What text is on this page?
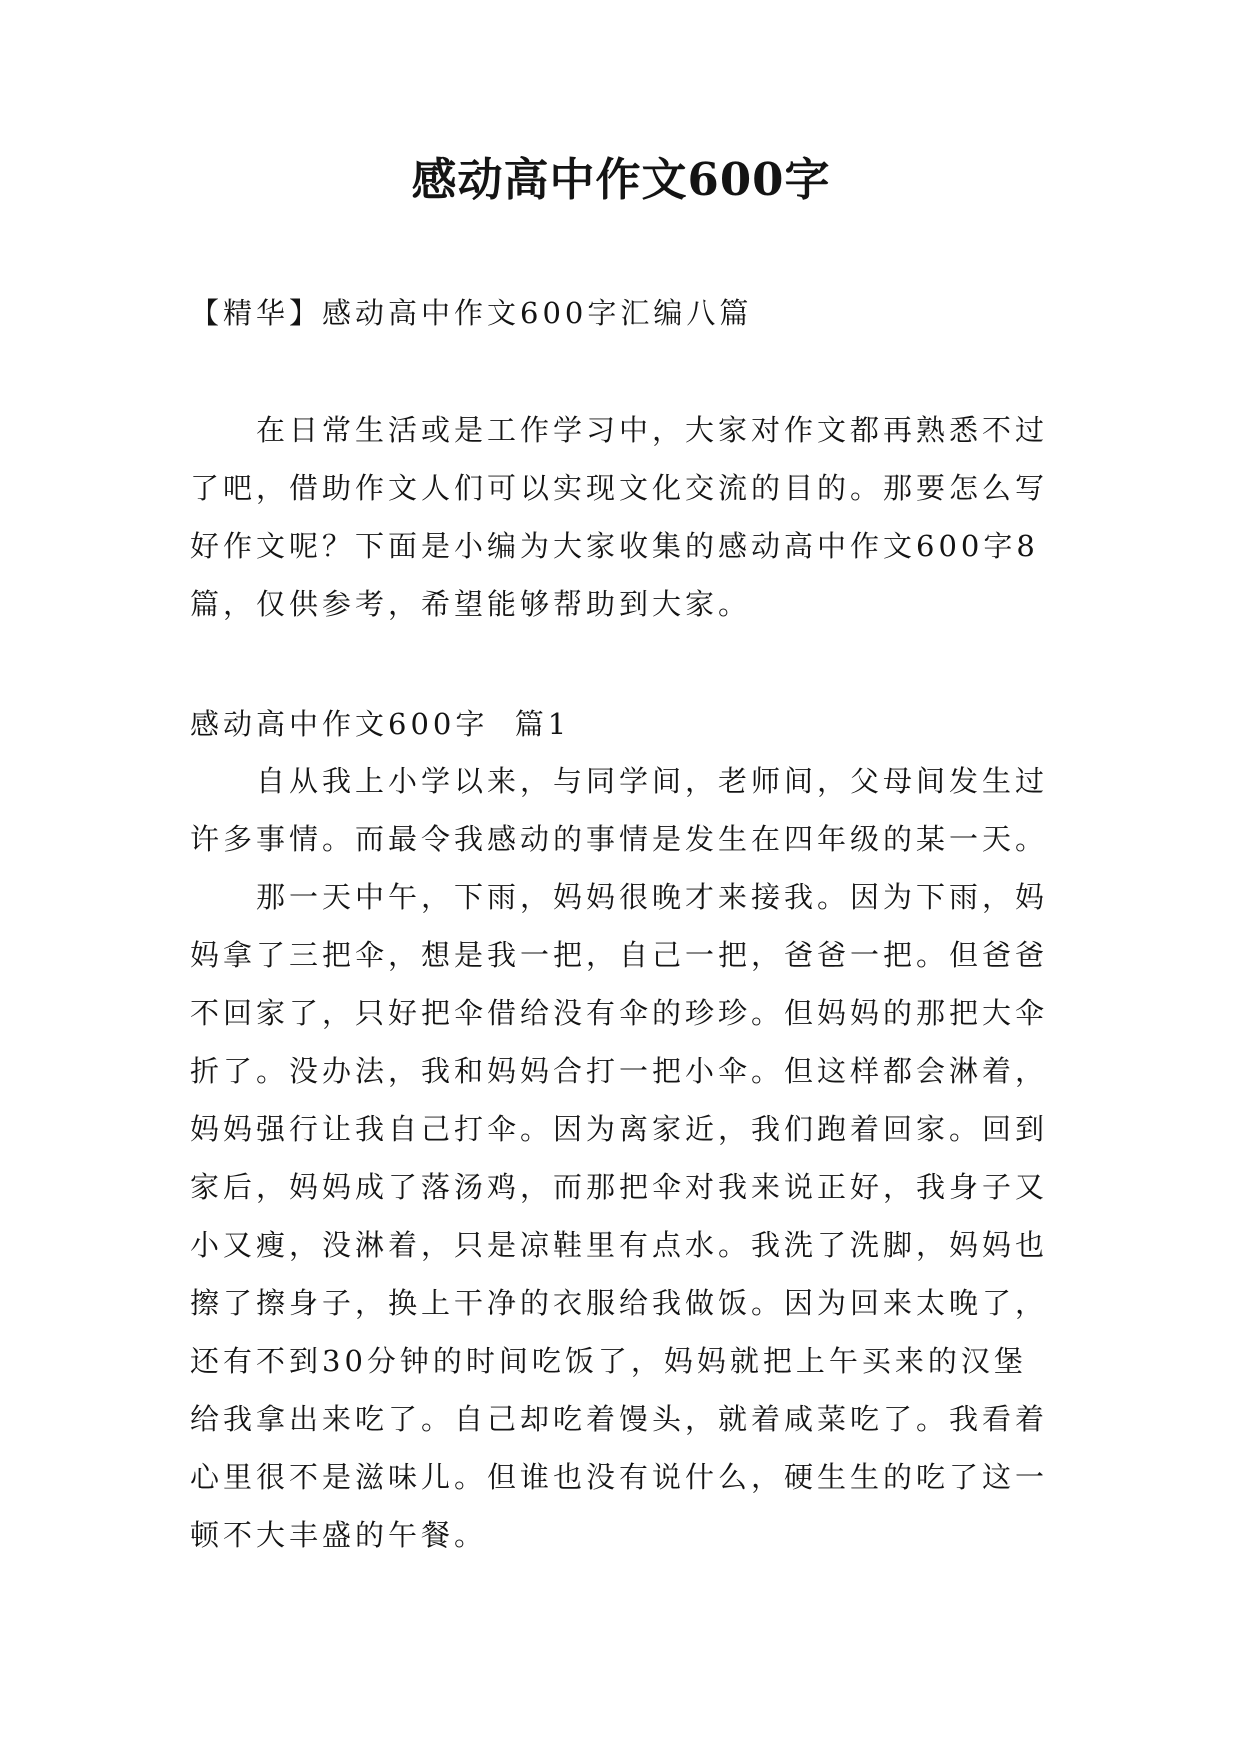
感动高中作文600字
【精华】感动高中作文600字汇编八篇
在日常生活或是工作学习中，大家对作文都再熟悉不过
了吧，借助作文人们可以实现文化交流的目的。那要怎么写
好作文呢？下面是小编为大家收集的感动高中作文600字8
篇，仅供参考，希望能够帮助到大家。
感动高中作文600字  篇1
自从我上小学以来，与同学间，老师间，父母间发生过
许多事情。而最令我感动的事情是发生在四年级的某一天。
那一天中午，下雨，妈妈很晚才来接我。因为下雨，妈
妈拿了三把伞，想是我一把，自己一把，爸爸一把。但爸爸
不回家了，只好把伞借给没有伞的珍珍。但妈妈的那把大伞
折了。没办法，我和妈妈合打一把小伞。但这样都会淋着，
妈妈强行让我自己打伞。因为离家近，我们跑着回家。回到
家后，妈妈成了落汤鸡，而那把伞对我来说正好，我身子又
小又瘦，没淋着，只是凉鞋里有点水。我洗了洗脚，妈妈也
擦了擦身子，换上干净的衣服给我做饭。因为回来太晚了，
还有不到30分钟的时间吃饭了，妈妈就把上午买来的汉堡
给我拿出来吃了。自己却吃着馒头，就着咸菜吃了。我看着
心里很不是滋味儿。但谁也没有说什么，硬生生的吃了这一
顿不大丰盛的午餐。
